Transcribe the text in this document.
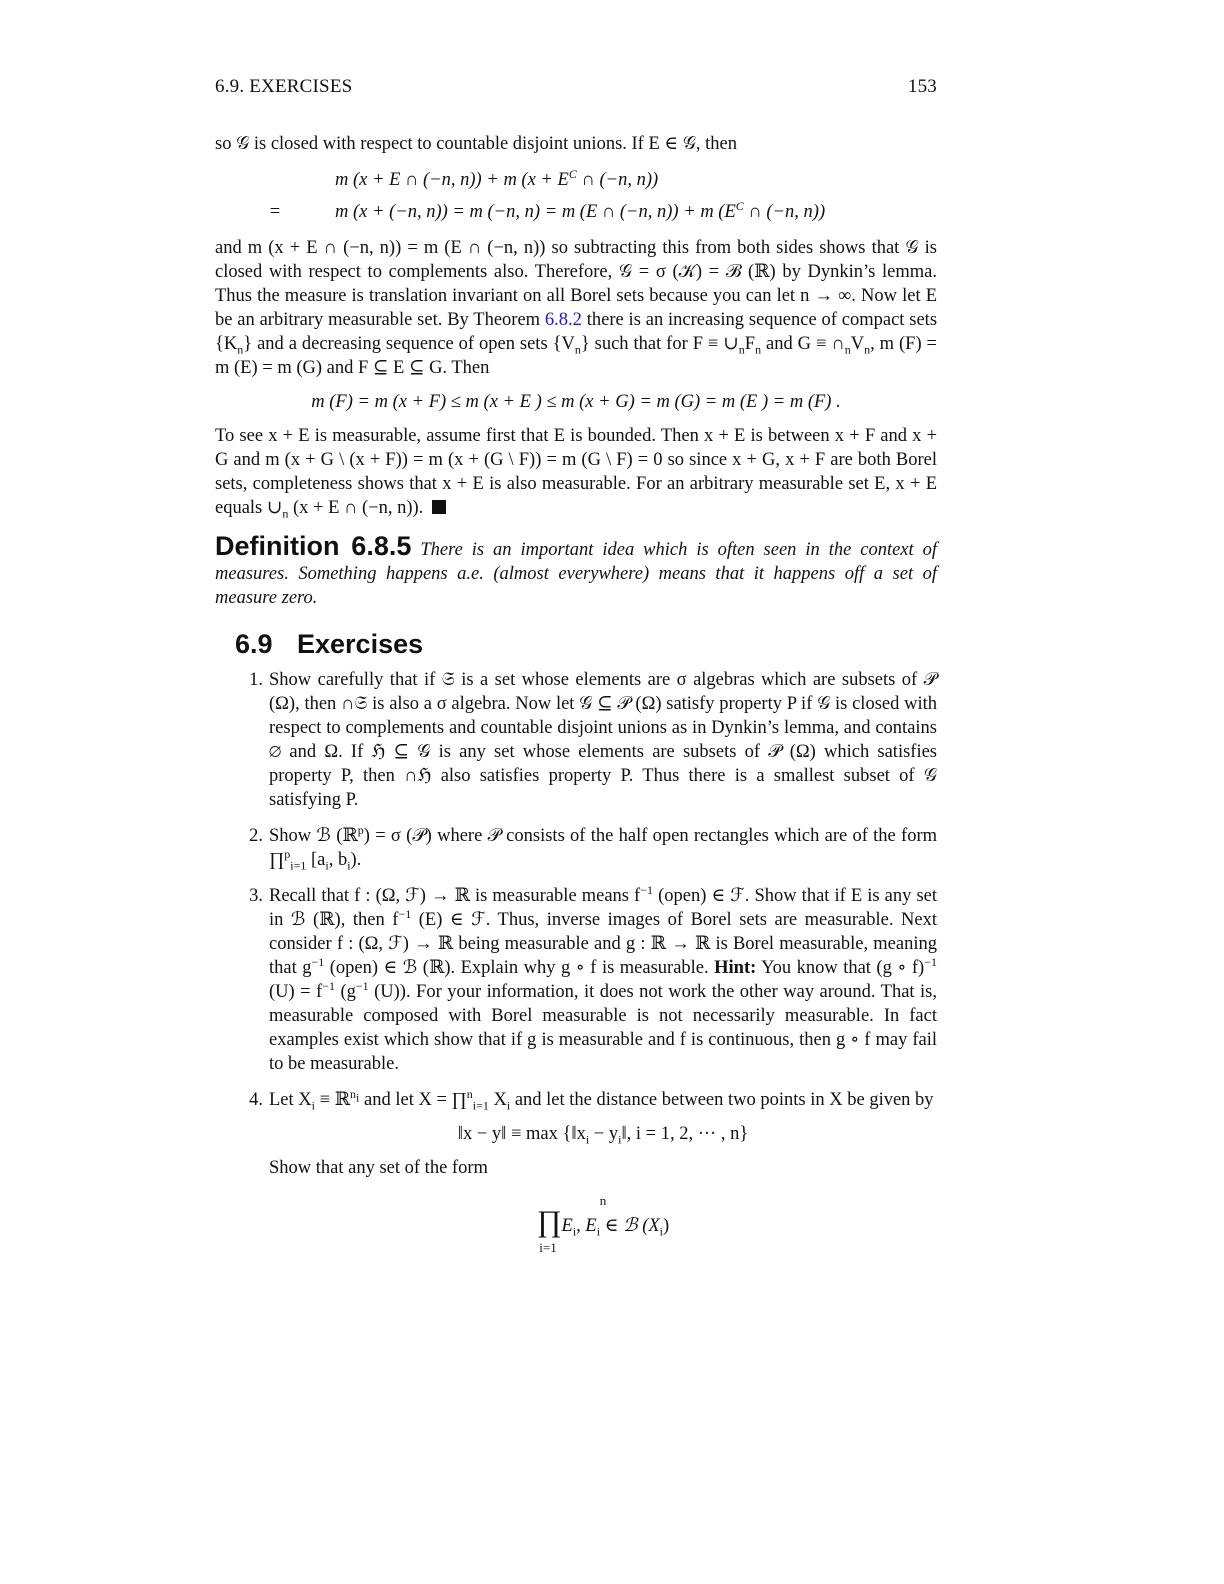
6.9. EXERCISES	153

so 𝒢 is closed with respect to countable disjoint unions. If E ∈ 𝒢, then

m (x + E ∩ (−n, n)) + m ($x + E^C$ ∩ (−n, n))
=	m (x + (−n, n)) = m (−n, n) = m (E ∩ (−n, n)) + m ($E^C$ ∩ (−n, n))

and m (x + E ∩ (−n, n)) = m (E ∩ (−n, n)) so subtracting this from both sides shows that 𝒢 is closed with respect to complements also. Therefore, 𝒢 = σ (𝒦) = ℬ (ℝ) by Dynkin’s lemma. Thus the measure is translation invariant on all Borel sets because you can let n → ∞. Now let E be an arbitrary measurable set. By Theorem 6.8.2 there is an increasing sequence of compact sets $\{K_n\}$ and a decreasing sequence of open sets $\{V_n\}$ such that for $F \equiv \cup_nF_n$ and $G \equiv \cap_nV_n$, m (F) = m (E) = m (G) and F ⊆ E ⊆ G. Then

m (F) = m (x + F) ≤ m (x + E ) ≤ m (x + G) = m (G) = m (E ) = m (F) .

To see x + E is measurable, assume first that E is bounded. Then x + E is between x + F and x + G and m (x + G \ (x + F)) = m (x + (G \ F)) = m (G \ F) = 0 so since x + G, x + F are both Borel sets, completeness shows that x + E is also measurable. For an arbitrary measurable set E, x + E equals $\cup_n$ (x + E ∩ (−n, n)).

Definition 6.8.5 There is an important idea which is often seen in the context of measures. Something happens a.e. (almost everywhere) means that it happens off a set of measure zero.

6.9 Exercises
1. Show carefully that if 𝔖 is a set whose elements are σ algebras which are subsets of 𝒫 (Ω), then ∩𝔖 is also a σ algebra. Now let 𝒢 ⊆ 𝒫 (Ω) satisfy property P if 𝒢 is closed with respect to complements and countable disjoint unions as in Dynkin’s lemma, and contains ∅ and Ω. If ℌ ⊆ 𝒢 is any set whose elements are subsets of 𝒫 (Ω) which satisfies property P, then ∩ℌ also satisfies property P. Thus there is a smallest subset of 𝒢 satisfying P.
2. Show ℬ (ℝ$^p$) = σ (𝒫) where 𝒫 consists of the half open rectangles which are of the form ∏$^p_{i=1}$ [$a_i$, $b_i$).
3. Recall that f : (Ω, ℱ) → ℝ is measurable means $f^{-1}$ (open) ∈ ℱ. Show that if E is any set in ℬ (ℝ), then $f^{-1}$ (E) ∈ ℱ. Thus, inverse images of Borel sets are measurable. Next consider f : (Ω, ℱ) → ℝ being measurable and g : ℝ → ℝ is Borel measurable, meaning that $g^{-1}$ (open) ∈ ℬ (ℝ). Explain why g ∘ f is measurable. Hint: You know that (g ∘ f)$^{-1}$ $(U) = f^{-1}$ ($g^{-1}$ (U)). For your information, it does not work the other way around. That is, measurable composed with Borel measurable is not necessarily measurable. In fact examples exist which show that if g is measurable and f is continuous, then g ∘ f may fail to be measurable.
4. Let $X_i$ ≡ ℝ$^{n_i}$ and let X = ∏$^n_{i=1}$ $X_i$ and let the distance between two points in X be given by
‖x − y‖ ≡ $\max \{‖x_i$ − $y_i‖$, i = 1, 2, ··· , n}
Show that any set of the form
n
$\prod E_i$, $E_i$ ∈ ℬ $(X_i)$
i=1
